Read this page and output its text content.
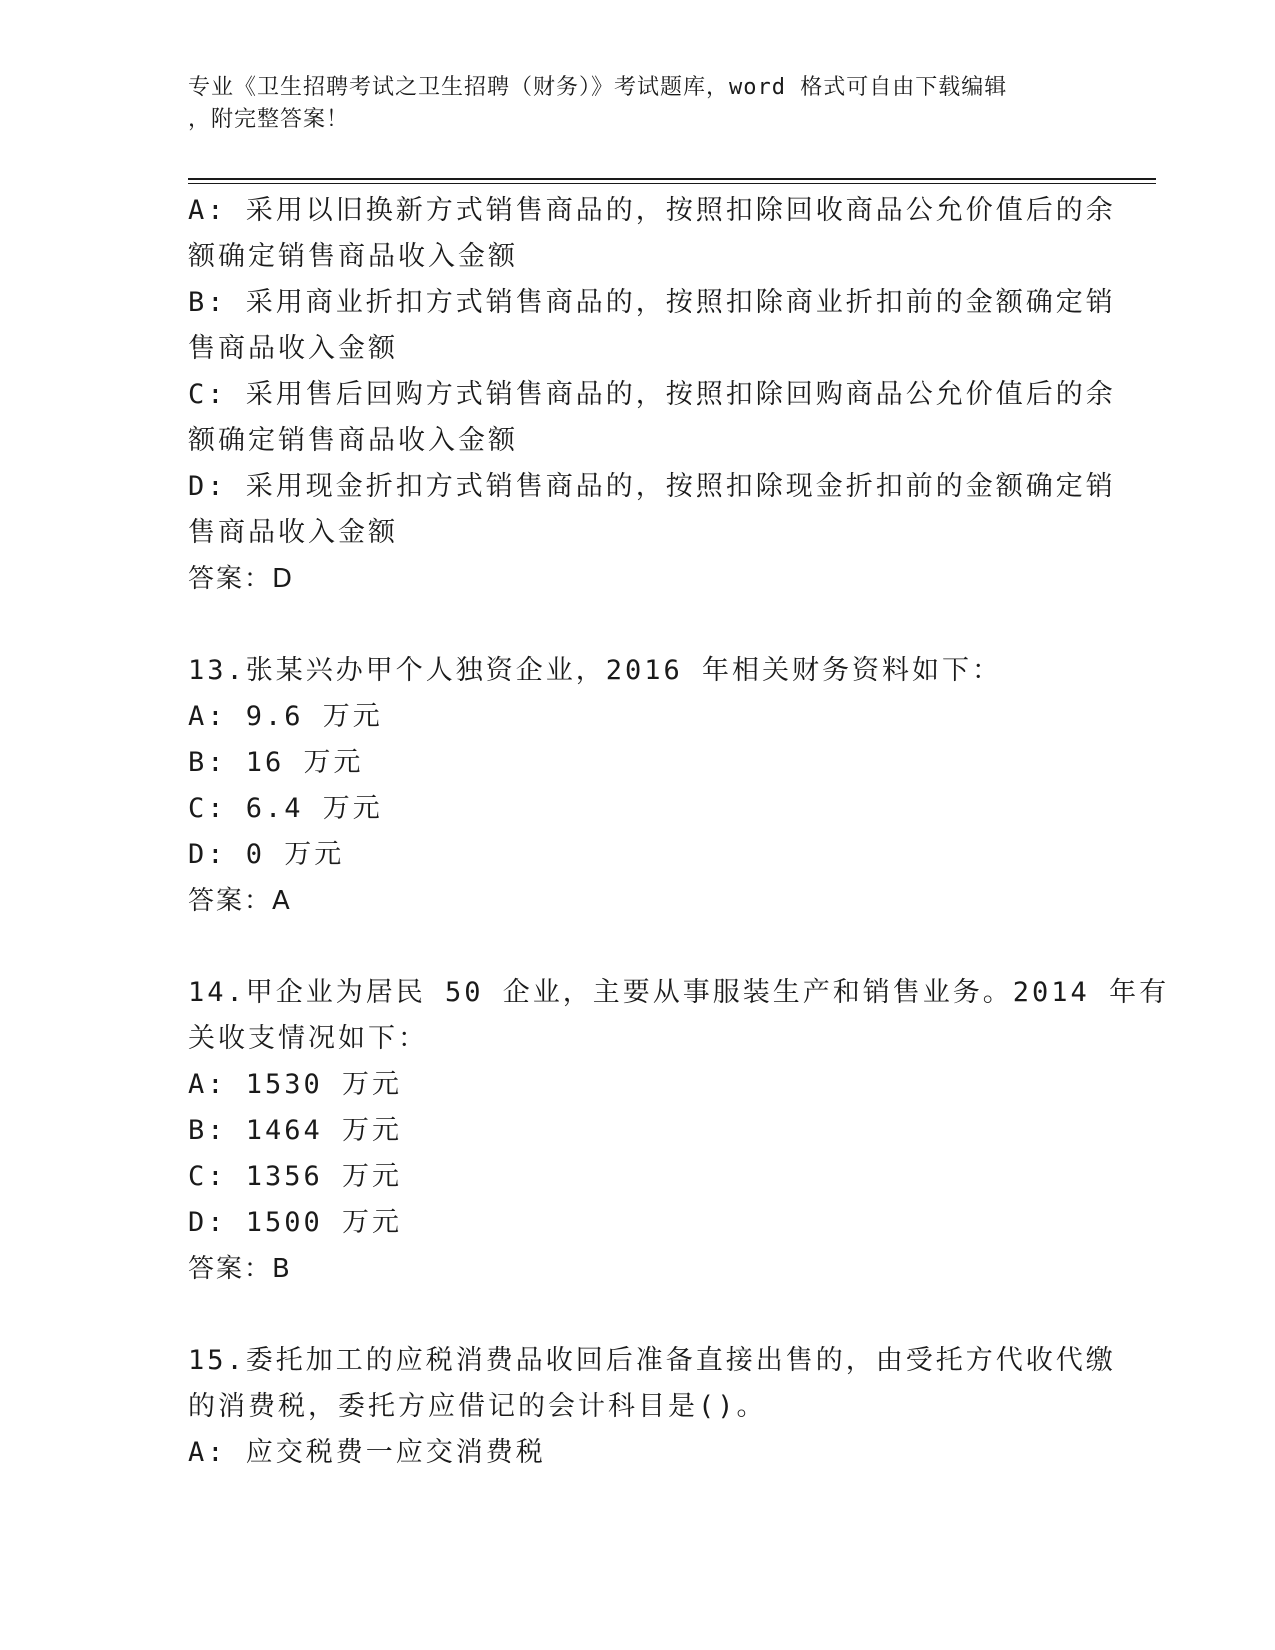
专业《卫生招聘考试之卫生招聘（财务）》考试题库，word 格式可自由下载编辑
，附完整答案！
A: 采用以旧换新方式销售商品的，按照扣除回收商品公允价值后的余
额确定销售商品收入金额
B: 采用商业折扣方式销售商品的，按照扣除商业折扣前的金额确定销
售商品收入金额
C: 采用售后回购方式销售商品的，按照扣除回购商品公允价值后的余
额确定销售商品收入金额
D: 采用现金折扣方式销售商品的，按照扣除现金折扣前的金额确定销
售商品收入金额
答案：D
13.张某兴办甲个人独资企业，2016 年相关财务资料如下：
A: 9.6 万元
B: 16 万元
C: 6.4 万元
D: 0 万元
答案：A
14.甲企业为居民 50 企业，主要从事服装生产和销售业务。2014 年有
关收支情况如下：
A: 1530 万元
B: 1464 万元
C: 1356 万元
D: 1500 万元
答案：B
15.委托加工的应税消费品收回后准备直接出售的，由受托方代收代缴
的消费税，委托方应借记的会计科目是()。
A: 应交税费一应交消费税
